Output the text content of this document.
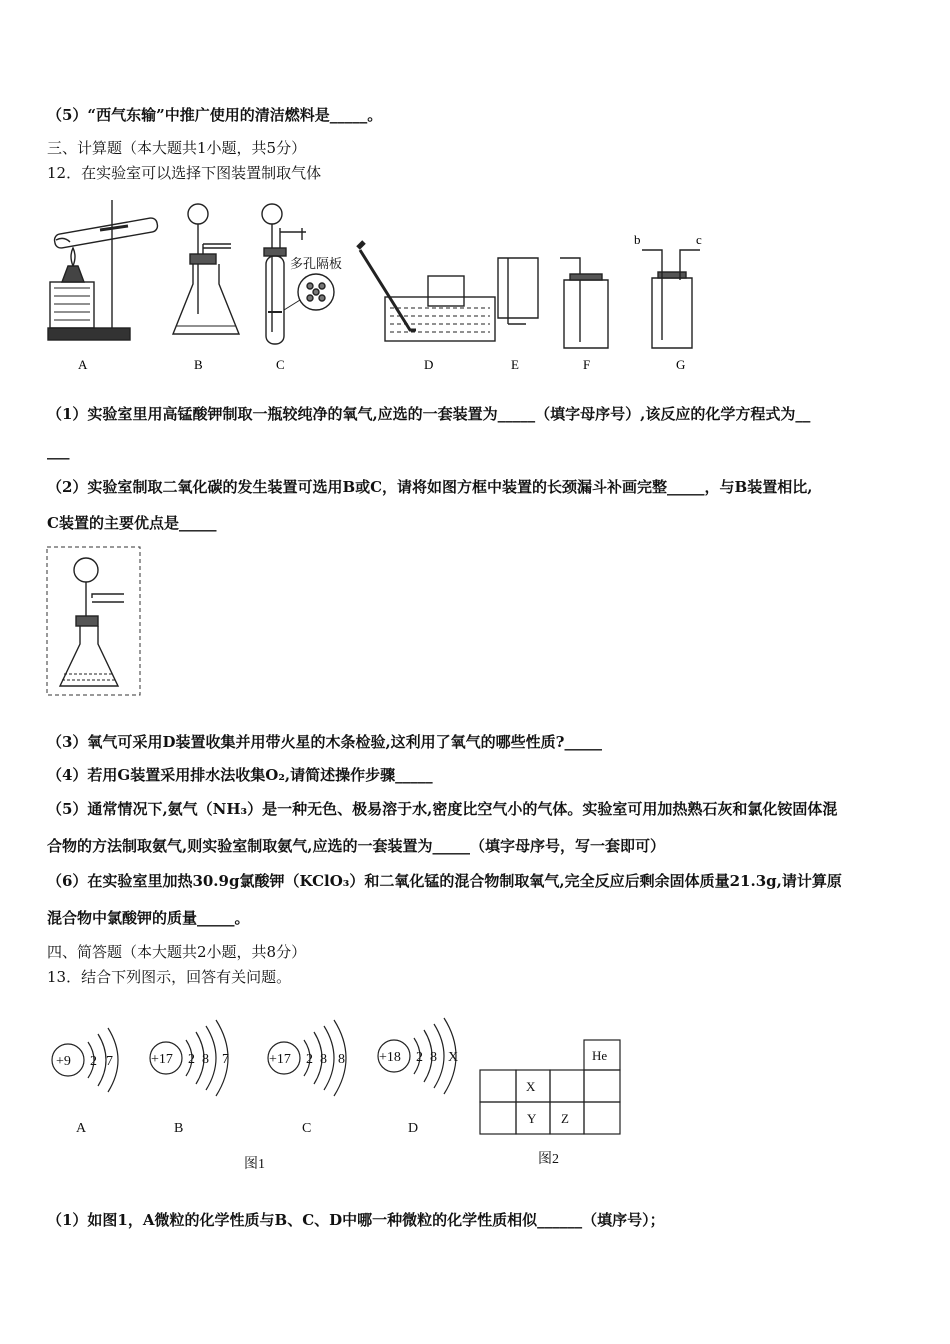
（5）“西气东输”中推广使用的清洁燃料是_____。
三、计算题（本大题共1小题，共5分）
12．在实验室可以选择下图装置制取气体
多孔隔板
b	c
A	B	C	D	E	F	G
（1）实验室里用高锰酸钾制取一瓶较纯净的氧气,应选的一套装置为_____（填字母序号）,该反应的化学方程式为__
___
（2）实验室制取二氧化碳的发生装置可选用B或C，请将如图方框中装置的长颈漏斗补画完整_____，与B装置相比,
C装置的主要优点是_____
（3）氧气可采用D装置收集并用带火星的木条检验,这利用了氧气的哪些性质?_____
（4）若用G装置采用排水法收集O₂,请简述操作步骤_____
（5）通常情况下,氨气（NH₃）是一种无色、极易溶于水,密度比空气小的气体。实验室可用加热熟石灰和氯化铵固体混
合物的方法制取氨气,则实验室制取氨气,应选的一套装置为_____（填字母序号，写一套即可）
（6）在实验室里加热30.9g氯酸钾（KClO₃）和二氧化锰的混合物制取氧气,完全反应后剩余固体质量21.3g,请计算原
混合物中氯酸钾的质量_____。
四、简答题（本大题共2小题，共8分）
13．结合下列图示，回答有关问题。
+9 2 7
A
+17 2 8 7
B
+17 2 8 8
C
+18 2 8 X
D
He
X
Y Z
图1	图2
（1）如图1，A微粒的化学性质与B、C、D中哪一种微粒的化学性质相似______（填序号）；
